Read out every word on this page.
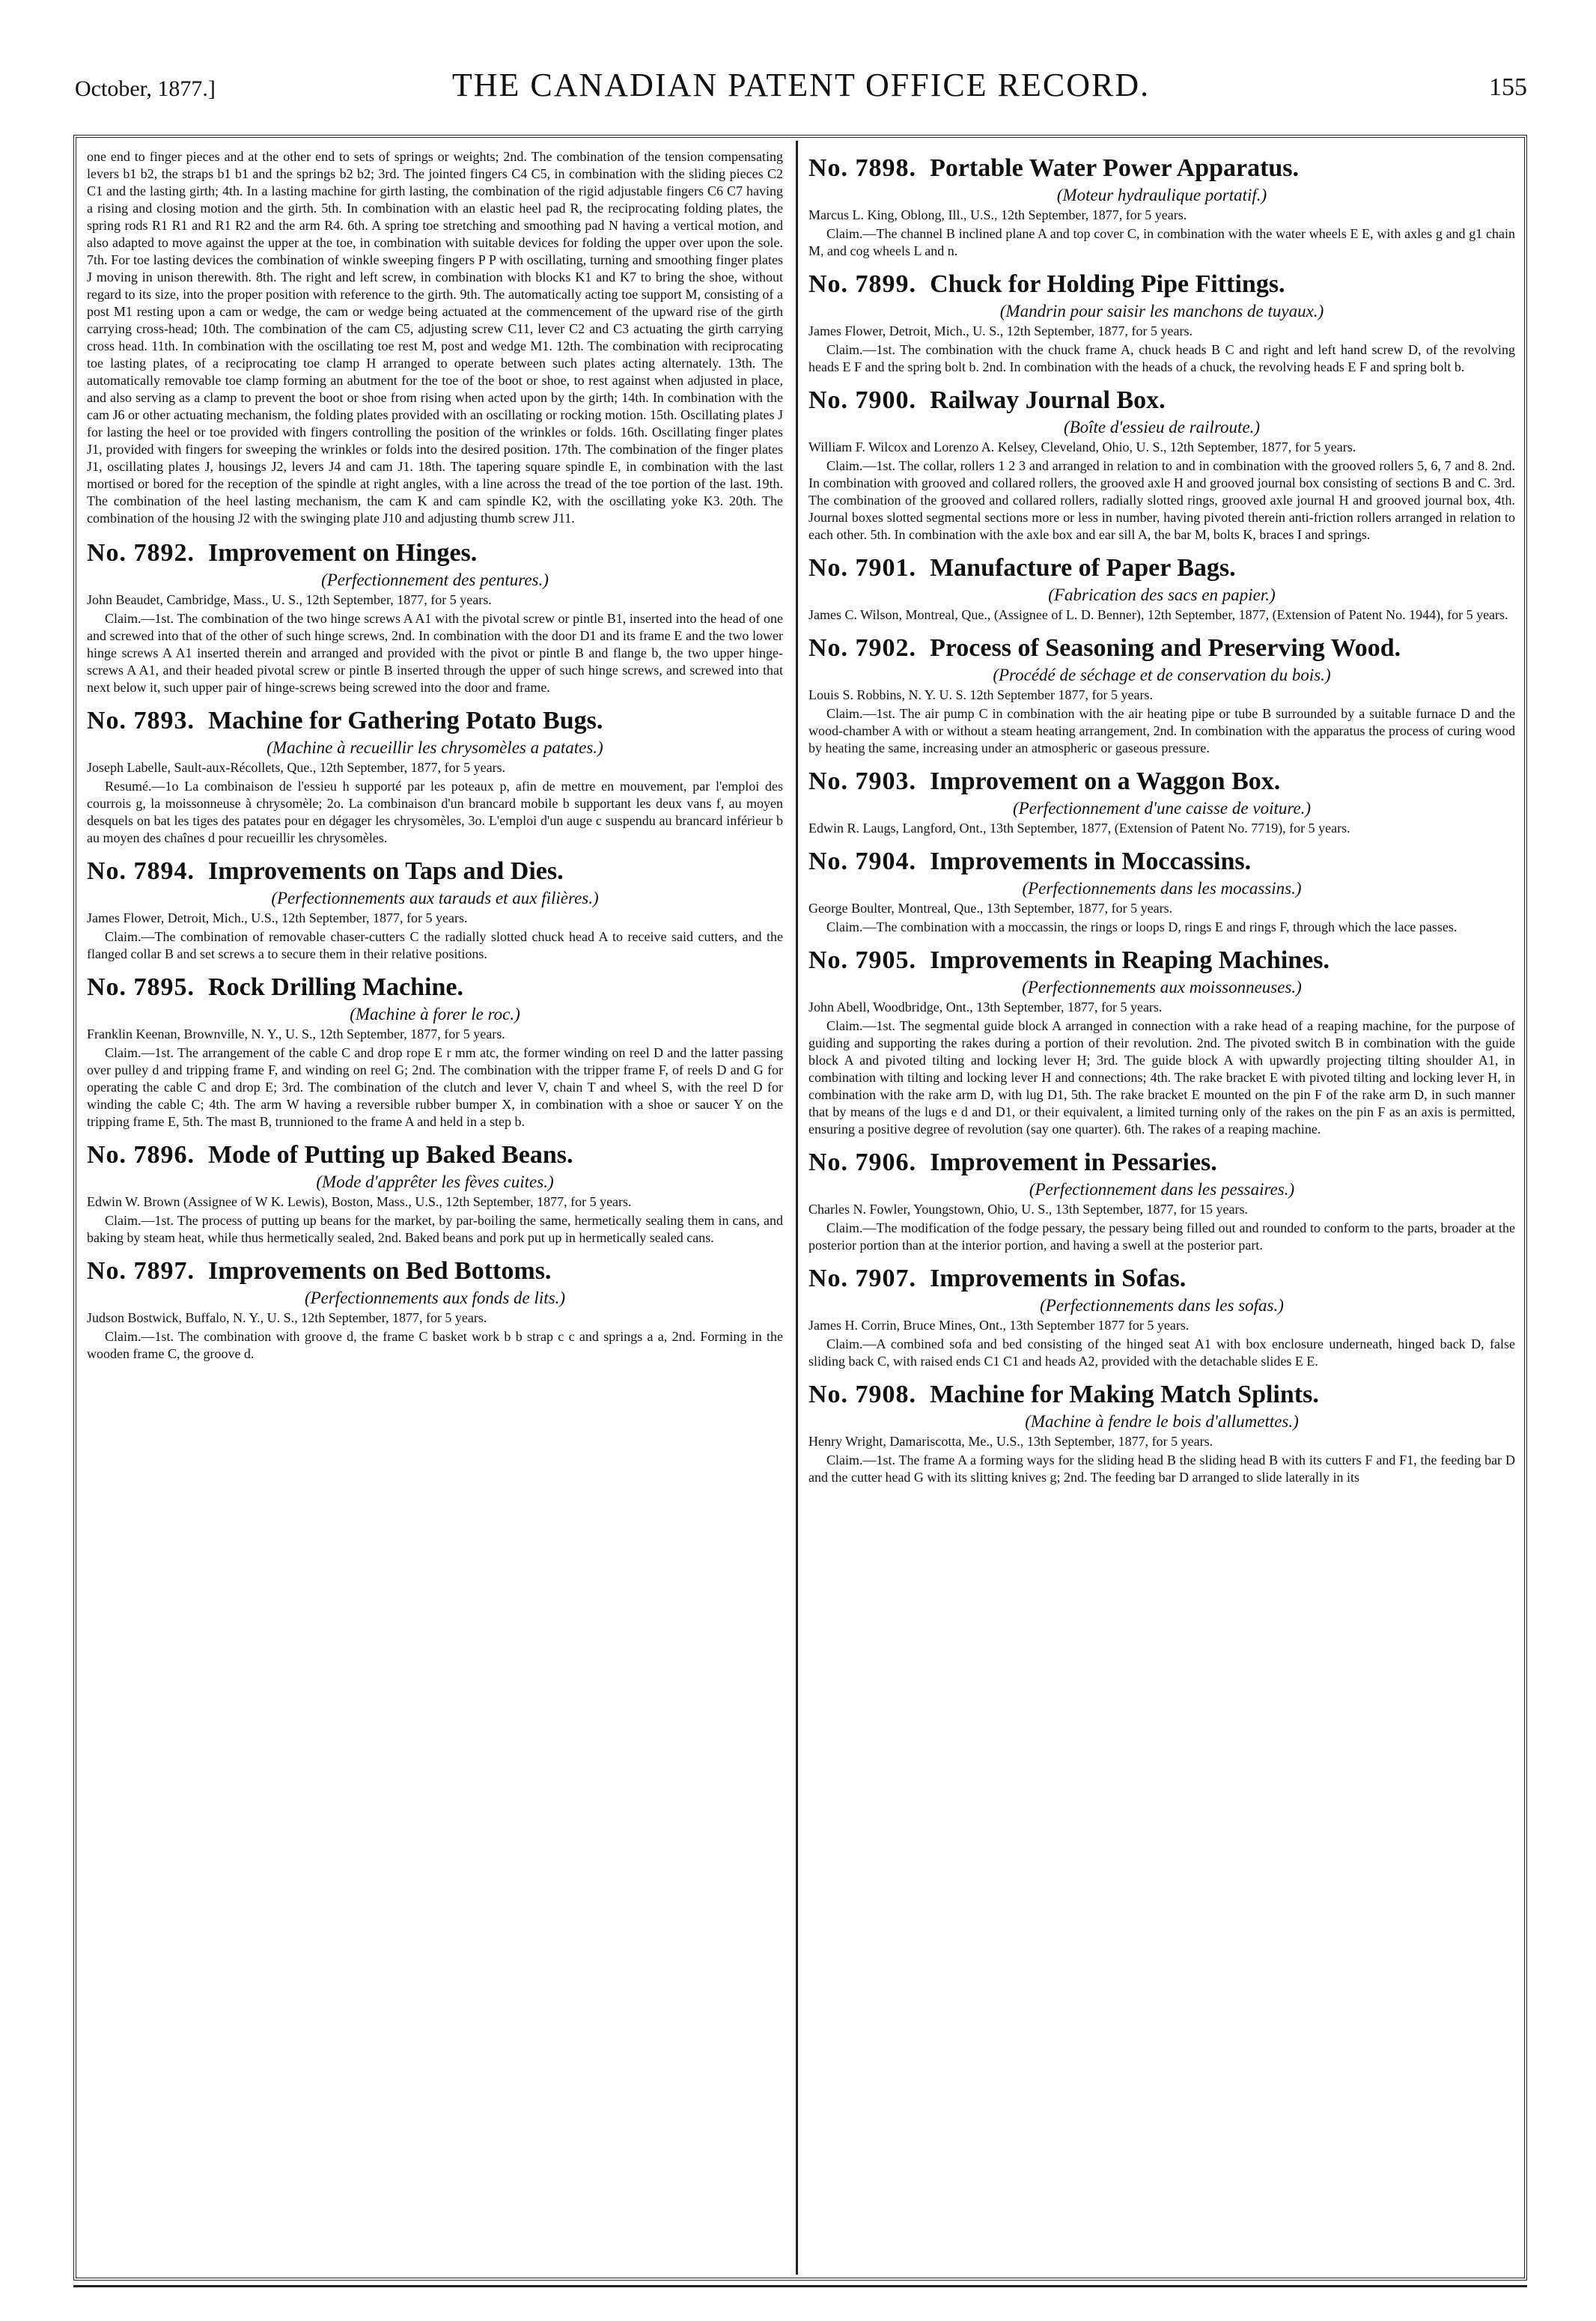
October, 1877.]	THE CANADIAN PATENT OFFICE RECORD.	155
one end to finger pieces and at the other end to sets of springs or weights; 2nd. The combination of the tension compensating levers b1 b2, the straps b1 b1 and the springs b2 b2; 3rd. The jointed fingers C4 C5, in combination with the sliding pieces C2 C1 and the lasting girth; 4th. In a lasting machine for girth lasting, the combination of the rigid adjustable fingers C6 C7 having a rising and closing motion and the girth. 5th. In combination with an elastic heel pad R, the reciprocating folding plates, the spring rods R1 R1 and R1 R2 and the arm R4. 6th. A spring toe stretching and smoothing pad N having a vertical motion, and also adapted to move against the upper at the toe, in combination with suitable devices for folding the upper over upon the sole. 7th. For toe lasting devices the combination of winkle sweeping fingers P P with oscillating, turning and smoothing finger plates J moving in unison therewith. 8th. The right and left screw, in combination with blocks K1 and K7 to bring the shoe, without regard to its size, into the proper position with reference to the girth. 9th. The automatically acting toe support M, consisting of a post M1 resting upon a cam or wedge, the cam or wedge being actuated at the commencement of the upward rise of the girth carrying cross-head; 10th. The combination of the cam C5, adjusting screw C11, lever C2 and C3 actuating the girth carrying cross head. 11th. In combination with the oscillating toe rest M, post and wedge M1. 12th. The combination with reciprocating toe lasting plates, of a reciprocating toe clamp H arranged to operate between such plates acting alternately. 13th. The automatically removable toe clamp forming an abutment for the toe of the boot or shoe, to rest against when adjusted in place, and also serving as a clamp to prevent the boot or shoe from rising when acted upon by the girth; 14th. In combination with the cam J6 or other actuating mechanism, the folding plates provided with an oscillating or rocking motion. 15th. Oscillating plates J for lasting the heel or toe provided with fingers controlling the position of the wrinkles or folds. 16th. Oscillating finger plates J1, provided with fingers for sweeping the wrinkles or folds into the desired position. 17th. The combination of the finger plates J1, oscillating plates J, housings J2, levers J4 and cam J1. 18th. The tapering square spindle E, in combination with the last mortised or bored for the reception of the spindle at right angles, with a line across the tread of the toe portion of the last. 19th. The combination of the heel lasting mechanism, the cam K and cam spindle K2, with the oscillating yoke K3. 20th. The combination of the housing J2 with the swinging plate J10 and adjusting thumb screw J11.
No. 7892. Improvement on Hinges.
(Perfectionnement des pentures.)

John Beaudet, Cambridge, Mass., U. S., 12th September, 1877, for 5 years.

Claim.—1st. The combination of the two hinge screws A A1 with the pivotal screw or pintle B1, inserted into the head of one and screwed into that of the other of such hinge screws, 2nd. In combination with the door D1 and its frame E and the two lower hinge screws A A1 inserted therein and arranged and provided with the pivot or pintle B and flange b, the two upper hinge-screws A A1, and their headed pivotal screw or pintle B inserted through the upper of such hinge screws, and screwed into that next below it, such upper pair of hinge-screws being screwed into the door and frame.

No. 7893. Machine for Gathering Potato Bugs.
(Machine à recueillir les chrysomèles a patates.)

Joseph Labelle, Sault-aux-Récollets, Que., 12th September, 1877, for 5 years.

Resumé.—1o La combinaison de l'essieu h supporté par les poteaux p, afin de mettre en mouvement, par l'emploi des courrois g, la moissonneuse à chrysomèle; 2o. La combinaison d'un brancard mobile b supportant les deux vans f, au moyen desquels on bat les tiges des patates pour en dégager les chrysomèles, 3o. L'emploi d'un auge c suspendu au brancard inférieur b au moyen des chaînes d pour recueillir les chrysomèles.

No. 7894. Improvements on Taps and Dies.
(Perfectionnements aux tarauds et aux filières.)

James Flower, Detroit, Mich., U.S., 12th September, 1877, for 5 years.

Claim.—The combination of removable chaser-cutters C the radially slotted chuck head A to receive said cutters, and the flanged collar B and set screws a to secure them in their relative positions.

No. 7895. Rock Drilling Machine.
(Machine à forer le roc.)

Franklin Keenan, Brownville, N. Y., U. S., 12th September, 1877, for 5 years.

Claim.—1st. The arrangement of the cable C and drop rope E r mm atc, the former winding on reel D and the latter passing over pulley d and tripping frame F, and winding on reel G; 2nd. The combination with the tripper frame F, of reels D and G for operating the cable C and drop E; 3rd. The combination of the clutch and lever V, chain T and wheel S, with the reel D for winding the cable C; 4th. The arm W having a reversible rubber bumper X, in combination with a shoe or saucer Y on the tripping frame E, 5th. The mast B, trunnioned to the frame A and held in a step b.

No. 7896. Mode of Putting up Baked Beans.
(Mode d'apprêter les fèves cuites.)

Edwin W. Brown (Assignee of W K. Lewis), Boston, Mass., U.S., 12th September, 1877, for 5 years.

Claim.—1st. The process of putting up beans for the market, by par-boiling the same, hermetically sealing them in cans, and baking by steam heat, while thus hermetically sealed, 2nd. Baked beans and pork put up in hermetically sealed cans.

No. 7897. Improvements on Bed Bottoms.
(Perfectionnements aux fonds de lits.)

Judson Bostwick, Buffalo, N. Y., U. S., 12th September, 1877, for 5 years.

Claim.—1st. The combination with groove d, the frame C basket work b b strap c c and springs a a, 2nd. Forming in the wooden frame C, the groove d.

No. 7898. Portable Water Power Apparatus.
(Moteur hydraulique portatif.)

Marcus L. King, Oblong, Ill., U.S., 12th September, 1877, for 5 years.

Claim.—The channel B inclined plane A and top cover C, in combination with the water wheels E E, with axles g and g1 chain M, and cog wheels L and n.

No. 7899. Chuck for Holding Pipe Fittings.
(Mandrin pour saisir les manchons de tuyaux.)

James Flower, Detroit, Mich., U. S., 12th September, 1877, for 5 years.

Claim.—1st. The combination with the chuck frame A, chuck heads B C and right and left hand screw D, of the revolving heads E F and the spring bolt b. 2nd. In combination with the heads of a chuck, the revolving heads E F and spring bolt b.

No. 7900. Railway Journal Box.
(Boîte d'essieu de railroute.)

William F. Wilcox and Lorenzo A. Kelsey, Cleveland, Ohio, U. S., 12th September, 1877, for 5 years.

Claim.—1st. The collar, rollers 1 2 3 and arranged in relation to and in combination with the grooved rollers 5, 6, 7 and 8. 2nd. In combination with grooved and collared rollers, the grooved axle H and grooved journal box consisting of sections B and C. 3rd. The combination of the grooved and collared rollers, radially slotted rings, grooved axle journal H and grooved journal box, 4th. Journal boxes slotted segmental sections more or less in number, having pivoted therein anti-friction rollers arranged in relation to each other. 5th. In combination with the axle box and ear sill A, the bar M, bolts K, braces I and springs.

No. 7901. Manufacture of Paper Bags.
(Fabrication des sacs en papier.)

James C. Wilson, Montreal, Que., (Assignee of L. D. Benner), 12th September, 1877, (Extension of Patent No. 1944), for 5 years.

No. 7902. Process of Seasoning and Preserving Wood.
(Procédé de séchage et de conservation du bois.)

Louis S. Robbins, N. Y. U. S. 12th September 1877, for 5 years.

Claim.—1st. The air pump C in combination with the air heating pipe or tube B surrounded by a suitable furnace D and the wood-chamber A with or without a steam heating arrangement, 2nd. In combination with the apparatus the process of curing wood by heating the same, increasing under an atmospheric or gaseous pressure.

No. 7903. Improvement on a Waggon Box.
(Perfectionnement d'une caisse de voiture.)

Edwin R. Laugs, Langford, Ont., 13th September, 1877, (Extension of Patent No. 7719), for 5 years.

No. 7904. Improvements in Moccassins.
(Perfectionnements dans les mocassins.)

George Boulter, Montreal, Que., 13th September, 1877, for 5 years.

Claim.—The combination with a moccassin, the rings or loops D, rings E and rings F, through which the lace passes.

No. 7905. Improvements in Reaping Machines.
(Perfectionnements aux moissonneuses.)

John Abell, Woodbridge, Ont., 13th September, 1877, for 5 years.

Claim.—1st. The segmental guide block A arranged in connection with a rake head of a reaping machine, for the purpose of guiding and supporting the rakes during a portion of their revolution. 2nd. The pivoted switch B in combination with the guide block A and pivoted tilting and locking lever H; 3rd. The guide block A with upwardly projecting tilting shoulder A1, in combination with tilting and locking lever H and connections; 4th. The rake bracket E with pivoted tilting and locking lever H, in combination with the rake arm D, with lug D1, 5th. The rake bracket E mounted on the pin F of the rake arm D, in such manner that by means of the lugs e d and D1, or their equivalent, a limited turning only of the rakes on the pin F as an axis is permitted, ensuring a positive degree of revolution (say one quarter). 6th. The rakes of a reaping machine.

No. 7906. Improvement in Pessaries.
(Perfectionnement dans les pessaires.)

Charles N. Fowler, Youngstown, Ohio, U. S., 13th September, 1877, for 15 years.

Claim.—The modification of the fodge pessary, the pessary being filled out and rounded to conform to the parts, broader at the posterior portion than at the interior portion, and having a swell at the posterior part.

No. 7907. Improvements in Sofas.
(Perfectionnements dans les sofas.)

James H. Corrin, Bruce Mines, Ont., 13th September 1877 for 5 years.

Claim.—A combined sofa and bed consisting of the hinged seat A1 with box enclosure underneath, hinged back D, false sliding back C, with raised ends C1 C1 and heads A2, provided with the detachable slides E E.

No. 7908. Machine for Making Match Splints.
(Machine à fendre le bois d'allumettes.)

Henry Wright, Damariscotta, Me., U.S., 13th September, 1877, for 5 years.

Claim.—1st. The frame A a forming ways for the sliding head B the sliding head B with its cutters F and F1, the feeding bar D and the cutter head G with its slitting knives g; 2nd. The feeding bar D arranged to slide laterally in its
